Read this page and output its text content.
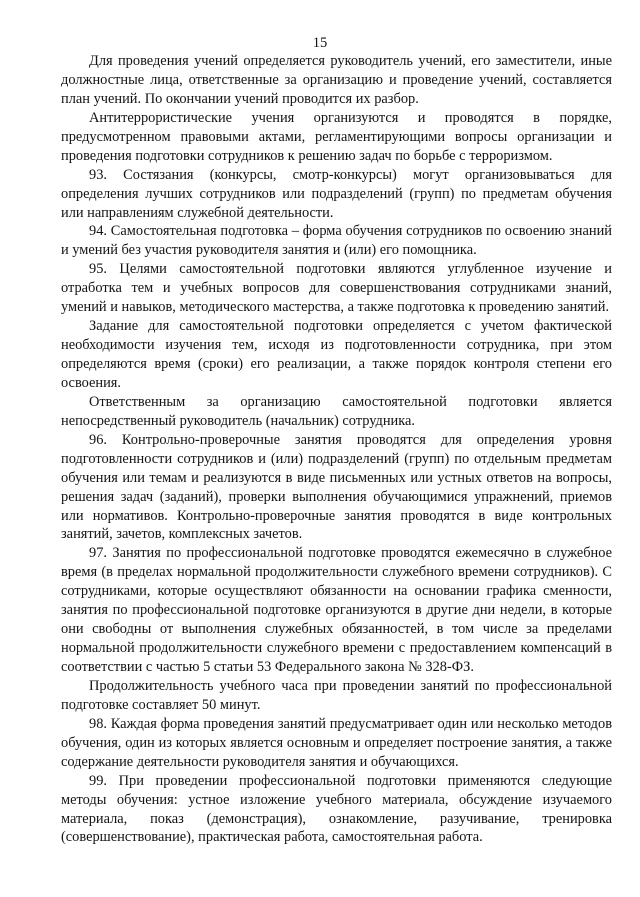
15

Для проведения учений определяется руководитель учений, его заместители, иные должностные лица, ответственные за организацию и проведение учений, составляется план учений. По окончании учений проводится их разбор.

Антитеррористические учения организуются и проводятся в порядке, предусмотренном правовыми актами, регламентирующими вопросы организации и проведения подготовки сотрудников к решению задач по борьбе с терроризмом.

93. Состязания (конкурсы, смотр-конкурсы) могут организовываться для определения лучших сотрудников или подразделений (групп) по предметам обучения или направлениям служебной деятельности.

94. Самостоятельная подготовка – форма обучения сотрудников по освоению знаний и умений без участия руководителя занятия и (или) его помощника.

95. Целями самостоятельной подготовки являются углубленное изучение и отработка тем и учебных вопросов для совершенствования сотрудниками знаний, умений и навыков, методического мастерства, а также подготовка к проведению занятий.

Задание для самостоятельной подготовки определяется с учетом фактической необходимости изучения тем, исходя из подготовленности сотрудника, при этом определяются время (сроки) его реализации, а также порядок контроля степени его освоения.

Ответственным за организацию самостоятельной подготовки является непосредственный руководитель (начальник) сотрудника.

96. Контрольно-проверочные занятия проводятся для определения уровня подготовленности сотрудников и (или) подразделений (групп) по отдельным предметам обучения или темам и реализуются в виде письменных или устных ответов на вопросы, решения задач (заданий), проверки выполнения обучающимися упражнений, приемов или нормативов. Контрольно-проверочные занятия проводятся в виде контрольных занятий, зачетов, комплексных зачетов.

97. Занятия по профессиональной подготовке проводятся ежемесячно в служебное время (в пределах нормальной продолжительности служебного времени сотрудников). С сотрудниками, которые осуществляют обязанности на основании графика сменности, занятия по профессиональной подготовке организуются в другие дни недели, в которые они свободны от выполнения служебных обязанностей, в том числе за пределами нормальной продолжительности служебного времени с предоставлением компенсаций в соответствии с частью 5 статьи 53 Федерального закона № 328-ФЗ.

Продолжительность учебного часа при проведении занятий по профессиональной подготовке составляет 50 минут.

98. Каждая форма проведения занятий предусматривает один или несколько методов обучения, один из которых является основным и определяет построение занятия, а также содержание деятельности руководителя занятия и обучающихся.

99. При проведении профессиональной подготовки применяются следующие методы обучения: устное изложение учебного материала, обсуждение изучаемого материала, показ (демонстрация), ознакомление, разучивание, тренировка (совершенствование), практическая работа, самостоятельная работа.
